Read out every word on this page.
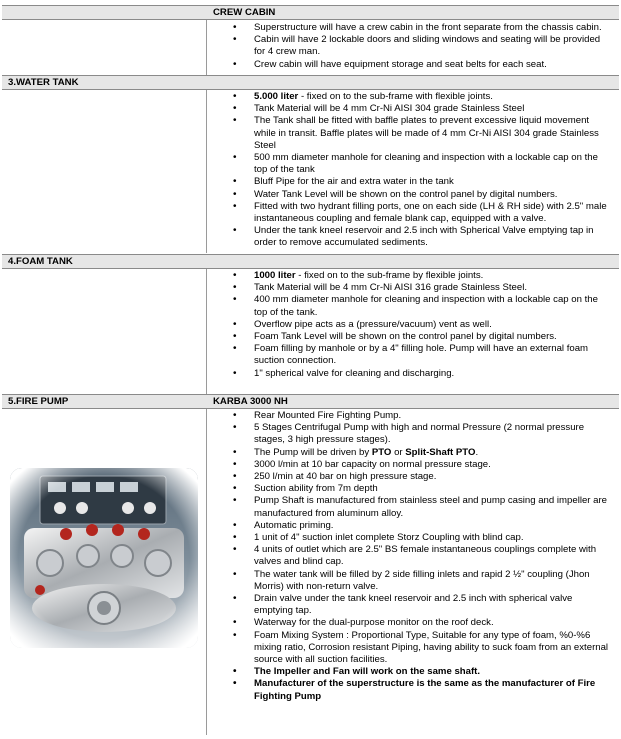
CREW CABIN
• Superstructure will have a crew cabin in the front separate from the chassis cabin.
• Cabin will have 2 lockable doors and sliding windows and seating will be provided for 4 crew man.
• Crew cabin will have equipment storage and seat belts for each seat.
3.WATER TANK
• 5.000 liter - fixed on to the sub-frame with flexible joints.
• Tank Material will be 4 mm Cr-Ni AISI 304 grade Stainless Steel
• The Tank shall be fitted with baffle plates to prevent excessive liquid movement while in transit. Baffle plates will be made of 4 mm Cr-Ni AISI 304 grade Stainless Steel
• 500 mm diameter manhole for cleaning and inspection with a lockable cap on the top of the tank
• Bluff Pipe for the air and extra water in the tank
• Water Tank Level will be shown on the control panel by digital numbers.
• Fitted with two hydrant filling ports, one on each side (LH & RH side) with 2.5" male instantaneous coupling and female blank cap, equipped with a valve.
• Under the tank kneel reservoir and 2.5 inch with Spherical Valve emptying tap in order to remove accumulated sediments.
4.FOAM TANK
• 1000 liter - fixed on to the sub-frame by flexible joints.
• Tank Material will be 4 mm Cr-Ni AISI 316 grade Stainless Steel.
• 400 mm diameter manhole for cleaning and inspection with a lockable cap on the top of the tank.
• Overflow pipe acts as a (pressure/vacuum) vent as well.
• Foam Tank Level will be shown on the control panel by digital numbers.
• Foam filling by manhole or by a 4" filling hole. Pump will have an external foam suction connection.
• 1" spherical valve for cleaning and discharging.
5.FIRE PUMP	KARBA 3000 NH
• Rear Mounted Fire Fighting Pump.
• 5 Stages Centrifugal Pump with high and normal Pressure (2 normal pressure stages, 3 high pressure stages).
• The Pump will be driven by PTO or Split-Shaft PTO.
• 3000 l/min at 10 bar capacity on normal pressure stage.
• 250 l/min at 40 bar on high pressure stage.
• Suction ability from 7m depth
• Pump Shaft is manufactured from stainless steel and pump casing and impeller are manufactured from aluminum alloy.
• Automatic priming.
• 1 unit of 4" suction inlet complete Storz Coupling with blind cap.
• 4 units of outlet which are 2.5" BS female instantaneous couplings complete with valves and blind cap.
• The water tank will be filled by 2 side filling inlets and rapid 2 ½" coupling (Jhon Morris) with non-return valve.
• Drain valve under the tank kneel reservoir and 2.5 inch with spherical valve emptying tap.
• Waterway for the dual-purpose monitor on the roof deck.
• Foam Mixing System : Proportional Type, Suitable for any type of foam, %0-%6 mixing ratio, Corrosion resistant Piping, having ability to suck foam from an external source with all suction facilities.
• The Impeller and Fan will work on the same shaft.
• Manufacturer of the superstructure is the same as the manufacturer of Fire Fighting Pump
